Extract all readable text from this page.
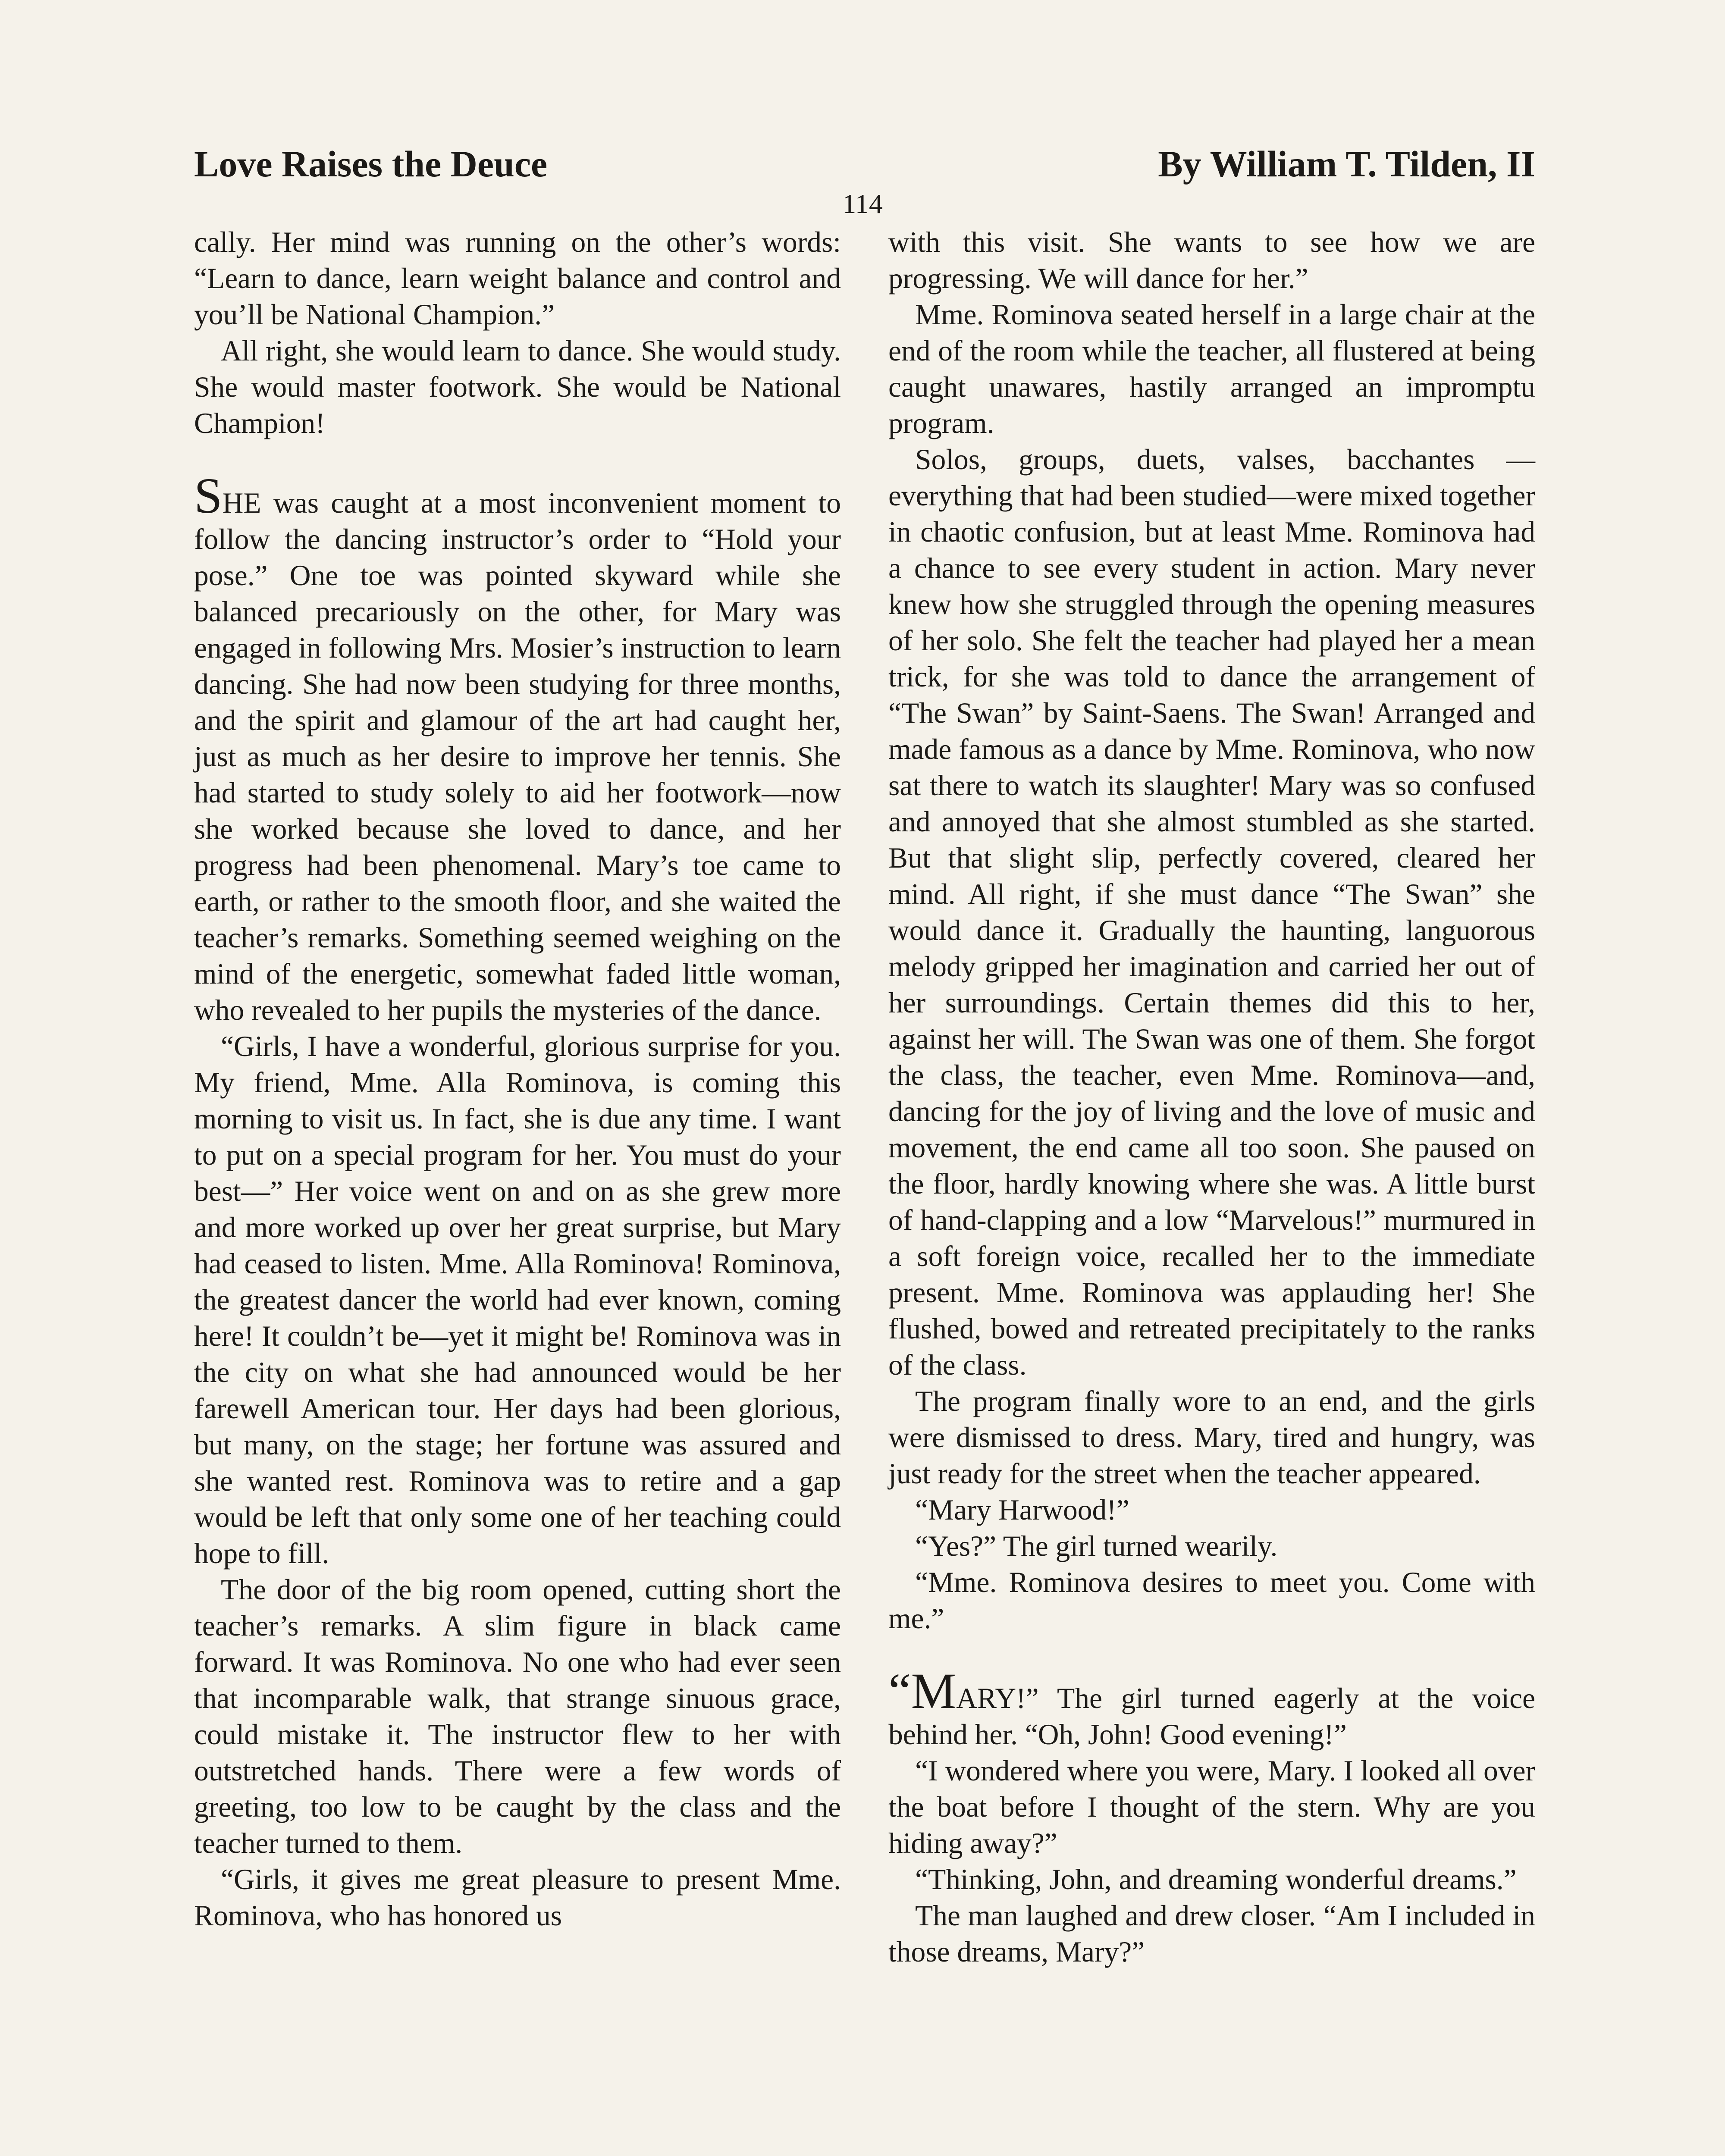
Love Raises the Deuce	By William T. Tilden, II
114

cally. Her mind was running on the other’s words: “Learn to dance, learn weight balance and control and you’ll be National Champion.”

All right, she would learn to dance. She would study. She would master footwork. She would be National Champion!

SHE was caught at a most inconvenient moment to follow the dancing instructor’s order to “Hold your pose.” One toe was pointed skyward while she balanced precariously on the other, for Mary was engaged in following Mrs. Mosier’s instruction to learn dancing. She had now been studying for three months, and the spirit and glamour of the art had caught her, just as much as her desire to improve her tennis. She had started to study solely to aid her footwork—now she worked because she loved to dance, and her progress had been phenomenal. Mary’s toe came to earth, or rather to the smooth floor, and she waited the teacher’s remarks. Something seemed weighing on the mind of the energetic, somewhat faded little woman, who revealed to her pupils the mysteries of the dance.

“Girls, I have a wonderful, glorious surprise for you. My friend, Mme. Alla Rominova, is coming this morning to visit us. In fact, she is due any time. I want to put on a special program for her. You must do your best—” Her voice went on and on as she grew more and more worked up over her great surprise, but Mary had ceased to listen. Mme. Alla Rominova! Rominova, the greatest dancer the world had ever known, coming here! It couldn’t be—yet it might be! Rominova was in the city on what she had announced would be her farewell American tour. Her days had been glorious, but many, on the stage; her fortune was assured and she wanted rest. Rominova was to retire and a gap would be left that only some one of her teaching could hope to fill.

The door of the big room opened, cutting short the teacher’s remarks. A slim figure in black came forward. It was Rominova. No one who had ever seen that incomparable walk, that strange sinuous grace, could mistake it. The instructor flew to her with outstretched hands. There were a few words of greeting, too low to be caught by the class and the teacher turned to them.

“Girls, it gives me great pleasure to present Mme. Rominova, who has honored us

with this visit. She wants to see how we are progressing. We will dance for her.”

Mme. Rominova seated herself in a large chair at the end of the room while the teacher, all flustered at being caught unawares, hastily arranged an impromptu program.

Solos, groups, duets, valses, bacchantes —everything that had been studied—were mixed together in chaotic confusion, but at least Mme. Rominova had a chance to see every student in action. Mary never knew how she struggled through the opening measures of her solo. She felt the teacher had played her a mean trick, for she was told to dance the arrangement of “The Swan” by Saint-Saens. The Swan! Arranged and made famous as a dance by Mme. Rominova, who now sat there to watch its slaughter! Mary was so confused and annoyed that she almost stumbled as she started. But that slight slip, perfectly covered, cleared her mind. All right, if she must dance “The Swan” she would dance it. Gradually the haunting, languorous melody gripped her imagination and carried her out of her surroundings. Certain themes did this to her, against her will. The Swan was one of them. She forgot the class, the teacher, even Mme. Rominova—and, dancing for the joy of living and the love of music and movement, the end came all too soon. She paused on the floor, hardly knowing where she was. A little burst of hand-clapping and a low “Marvelous!” murmured in a soft foreign voice, recalled her to the immediate present. Mme. Rominova was applauding her! She flushed, bowed and retreated precipitately to the ranks of the class.

The program finally wore to an end, and the girls were dismissed to dress. Mary, tired and hungry, was just ready for the street when the teacher appeared.

“Mary Harwood!”

“Yes?” The girl turned wearily.

“Mme. Rominova desires to meet you. Come with me.”

“MARY!” The girl turned eagerly at the voice behind her. “Oh, John! Good evening!”

“I wondered where you were, Mary. I looked all over the boat before I thought of the stern. Why are you hiding away?”

“Thinking, John, and dreaming wonderful dreams.”

The man laughed and drew closer. “Am I included in those dreams, Mary?”
